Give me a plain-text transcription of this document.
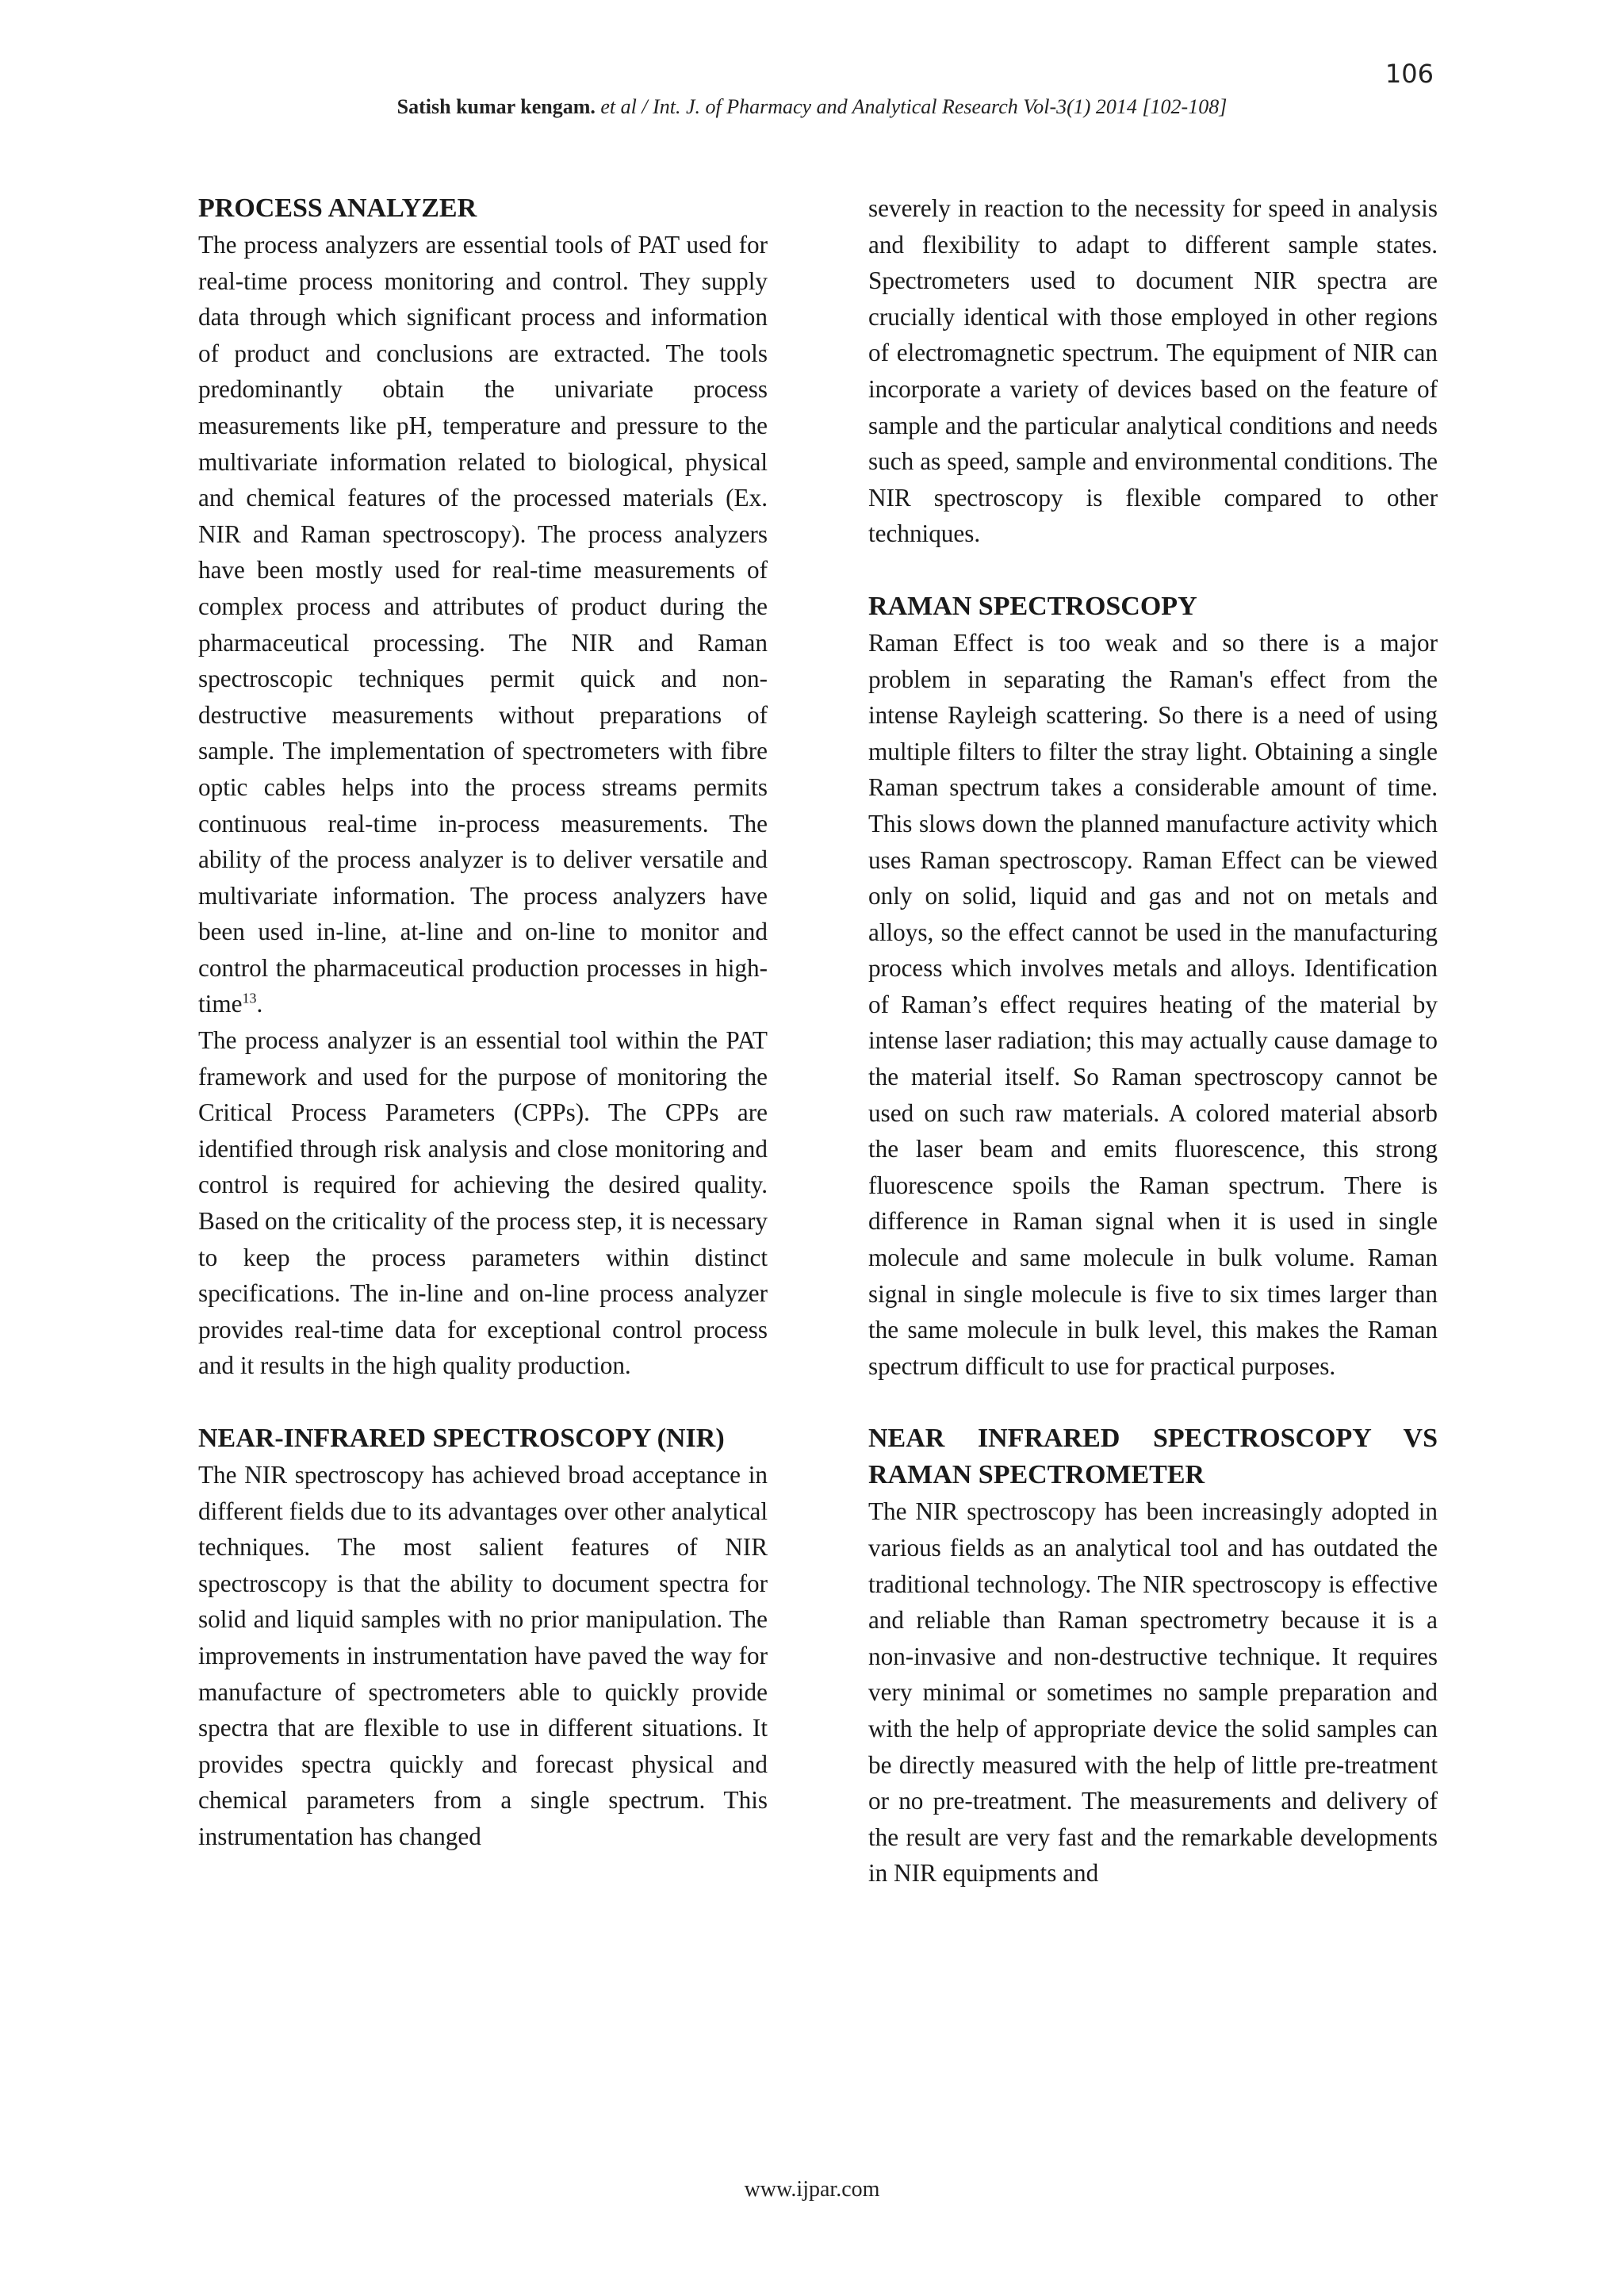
106
Satish kumar kengam. et al / Int. J. of Pharmacy and Analytical Research Vol-3(1) 2014 [102-108]
PROCESS ANALYZER

The process analyzers are essential tools of PAT used for real-time process monitoring and control. They supply data through which significant process and information of product and conclusions are extracted. The tools predominantly obtain the univariate process measurements like pH, temperature and pressure to the multivariate information related to biological, physical and chemical features of the processed materials (Ex. NIR and Raman spectroscopy). The process analyzers have been mostly used for real-time measurements of complex process and attributes of product during the pharmaceutical processing. The NIR and Raman spectroscopic techniques permit quick and non-destructive measurements without preparations of sample. The implementation of spectrometers with fibre optic cables helps into the process streams permits continuous real-time in-process measurements. The ability of the process analyzer is to deliver versatile and multivariate information. The process analyzers have been used in-line, at-line and on-line to monitor and control the pharmaceutical production processes in high-time$^{13}$.

The process analyzer is an essential tool within the PAT framework and used for the purpose of monitoring the Critical Process Parameters (CPPs). The CPPs are identified through risk analysis and close monitoring and control is required for achieving the desired quality. Based on the criticality of the process step, it is necessary to keep the process parameters within distinct specifications. The in-line and on-line process analyzer provides real-time data for exceptional control process and it results in the high quality production.

NEAR-INFRARED SPECTROSCOPY (NIR)

The NIR spectroscopy has achieved broad acceptance in different fields due to its advantages over other analytical techniques. The most salient features of NIR spectroscopy is that the ability to document spectra for solid and liquid samples with no prior manipulation. The improvements in instrumentation have paved the way for manufacture of spectrometers able to quickly provide spectra that are flexible to use in different situations. It provides spectra quickly and forecast physical and chemical parameters from a single spectrum. This instrumentation has changed

severely in reaction to the necessity for speed in analysis and flexibility to adapt to different sample states. Spectrometers used to document NIR spectra are crucially identical with those employed in other regions of electromagnetic spectrum. The equipment of NIR can incorporate a variety of devices based on the feature of sample and the particular analytical conditions and needs such as speed, sample and environmental conditions. The NIR spectroscopy is flexible compared to other techniques.

RAMAN SPECTROSCOPY

Raman Effect is too weak and so there is a major problem in separating the Raman's effect from the intense Rayleigh scattering. So there is a need of using multiple filters to filter the stray light. Obtaining a single Raman spectrum takes a considerable amount of time. This slows down the planned manufacture activity which uses Raman spectroscopy. Raman Effect can be viewed only on solid, liquid and gas and not on metals and alloys, so the effect cannot be used in the manufacturing process which involves metals and alloys. Identification of Raman’s effect requires heating of the material by intense laser radiation; this may actually cause damage to the material itself. So Raman spectroscopy cannot be used on such raw materials. A colored material absorb the laser beam and emits fluorescence, this strong fluorescence spoils the Raman spectrum. There is difference in Raman signal when it is used in single molecule and same molecule in bulk volume. Raman signal in single molecule is five to six times larger than the same molecule in bulk level, this makes the Raman spectrum difficult to use for practical purposes.

NEAR INFRARED SPECTROSCOPY VS RAMAN SPECTROMETER

The NIR spectroscopy has been increasingly adopted in various fields as an analytical tool and has outdated the traditional technology. The NIR spectroscopy is effective and reliable than Raman spectrometry because it is a non-invasive and non-destructive technique. It requires very minimal or sometimes no sample preparation and with the help of appropriate device the solid samples can be directly measured with the help of little pre-treatment or no pre-treatment. The measurements and delivery of the result are very fast and the remarkable developments in NIR equipments and

www.ijpar.com
